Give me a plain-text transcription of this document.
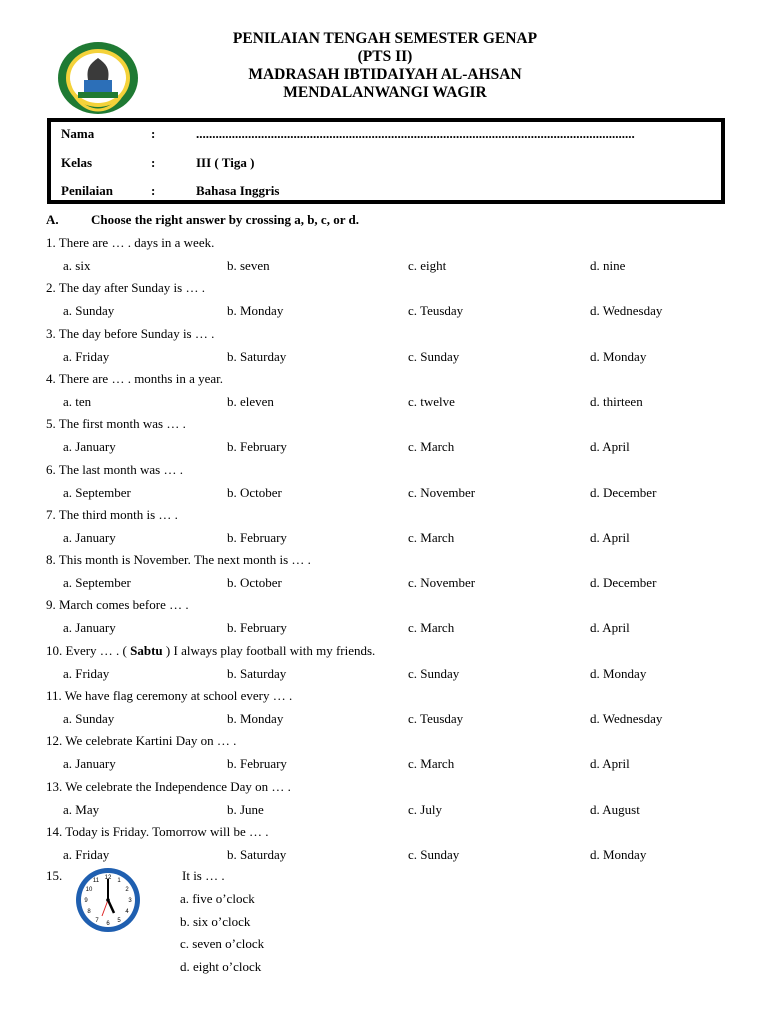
PENILAIAN TENGAH SEMESTER GENAP
(PTS II)
MADRASAH IBTIDAIYAH AL-AHSAN
MENDALANWANGI WAGIR
Nama	:	.......................................................................................................................................
Kelas	:	III ( Tiga )
Penilaian	:	Bahasa Inggris
A. Choose the right answer by crossing a, b, c, or d.
1. There are … . days in a week.
a. six	b. seven	c. eight	d. nine
2. The day after Sunday is … .
a. Sunday	b. Monday	c. Teusday	d. Wednesday
3. The day before Sunday is … .
a. Friday	b. Saturday	c. Sunday	d. Monday
4. There are … . months in a year.
a. ten	b. eleven	c. twelve	d. thirteen
5. The first month was … .
a. January	b. February	c. March	d. April
6. The last month was … .
a. September	b. October	c. November	d. December
7. The third month is … .
a. January	b. February	c. March	d. April
8. This month is November. The next month is … .
a. September	b. October	c. November	d. December
9. March comes before … .
a. January	b. February	c. March	d. April
10. Every … . ( Sabtu ) I always play football with my friends.
a. Friday	b. Saturday	c. Sunday	d. Monday
11. We have flag ceremony at school every … .
a. Sunday	b. Monday	c. Teusday	d. Wednesday
12. We celebrate Kartini Day on … .
a. January	b. February	c. March	d. April
13. We celebrate the Independence Day on … .
a. May	b. June	c. July	d. August
14. Today is Friday. Tomorrow will be … .
a. Friday	b. Saturday	c. Sunday	d. Monday
15.	12
3
6
9
1
2
4
5
7
8
10
11	It is … .
a. five o’clock
b. six o’clock
c. seven o’clock
d. eight o’clock
